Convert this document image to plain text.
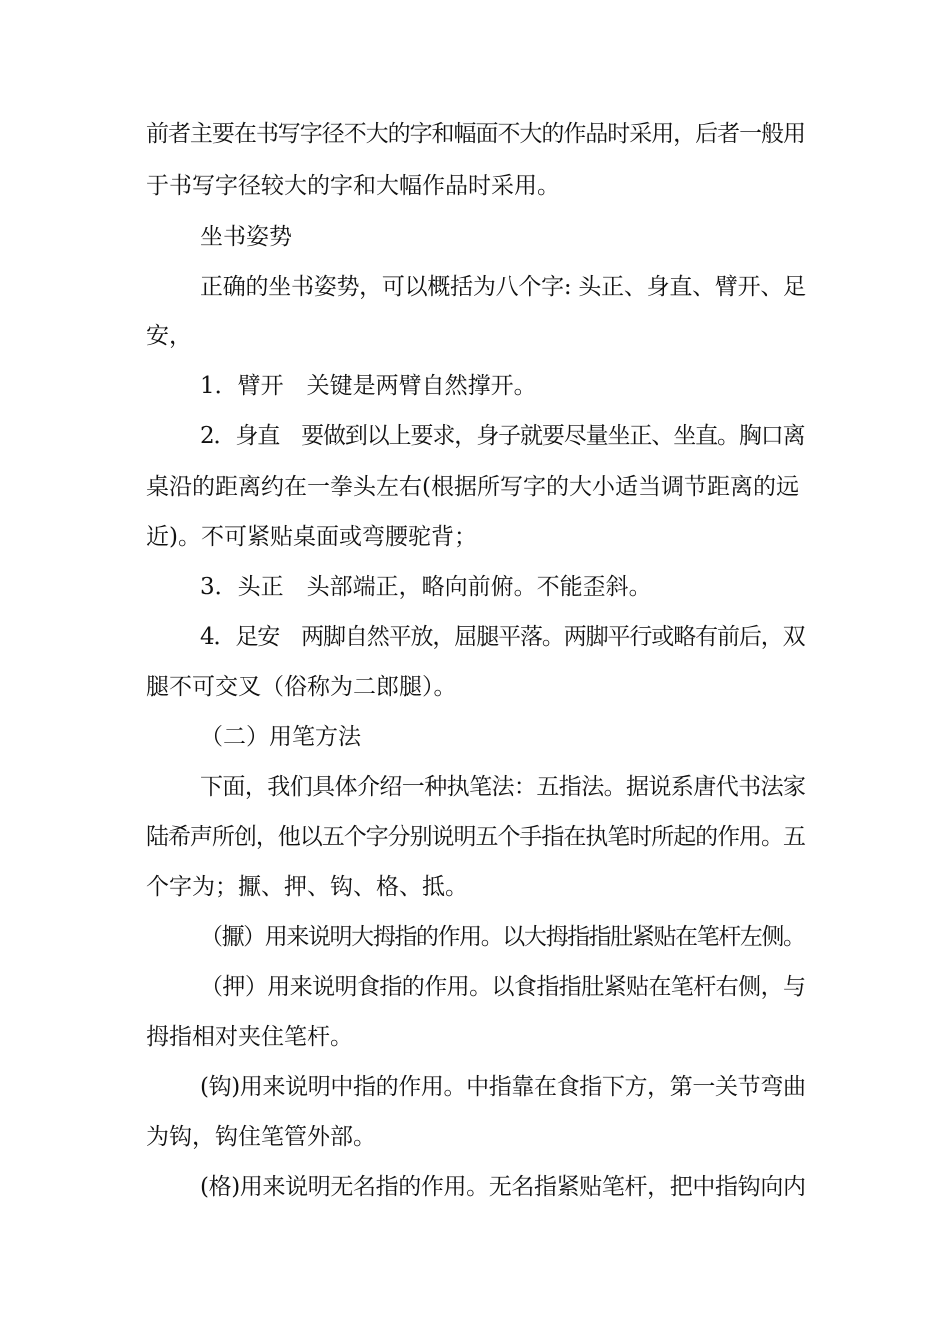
前者主要在书写字径不大的字和幅面不大的作品时采用，后者一般用
于书写字径较大的字和大幅作品时采用。
坐书姿势
正确的坐书姿势，可以概括为八个字: 头正、身直、臂开、足
安，
1．臂开　关键是两臂自然撑开。
2．身直　要做到以上要求，身子就要尽量坐正、坐直。胸口离
桌沿的距离约在一拳头左右(根据所写字的大小适当调节距离的远
近)。不可紧贴桌面或弯腰驼背；
3．头正　头部端正，略向前俯。不能歪斜。
4．足安　两脚自然平放，屈腿平落。两脚平行或略有前后，双
腿不可交叉（俗称为二郎腿）。
（二）用笔方法
下面，我们具体介绍一种执笔法：五指法。据说系唐代书法家
陆希声所创，他以五个字分别说明五个手指在执笔时所起的作用。五
个字为；擫、押、钩、格、抵。
（擫）用来说明大拇指的作用。以大拇指指肚紧贴在笔杆左侧。
（押）用来说明食指的作用。以食指指肚紧贴在笔杆右侧，与
拇指相对夹住笔杆。
(钩)用来说明中指的作用。中指靠在食指下方，第一关节弯曲
为钩，钩住笔管外部。
(格)用来说明无名指的作用。无名指紧贴笔杆，把中指钩向内
